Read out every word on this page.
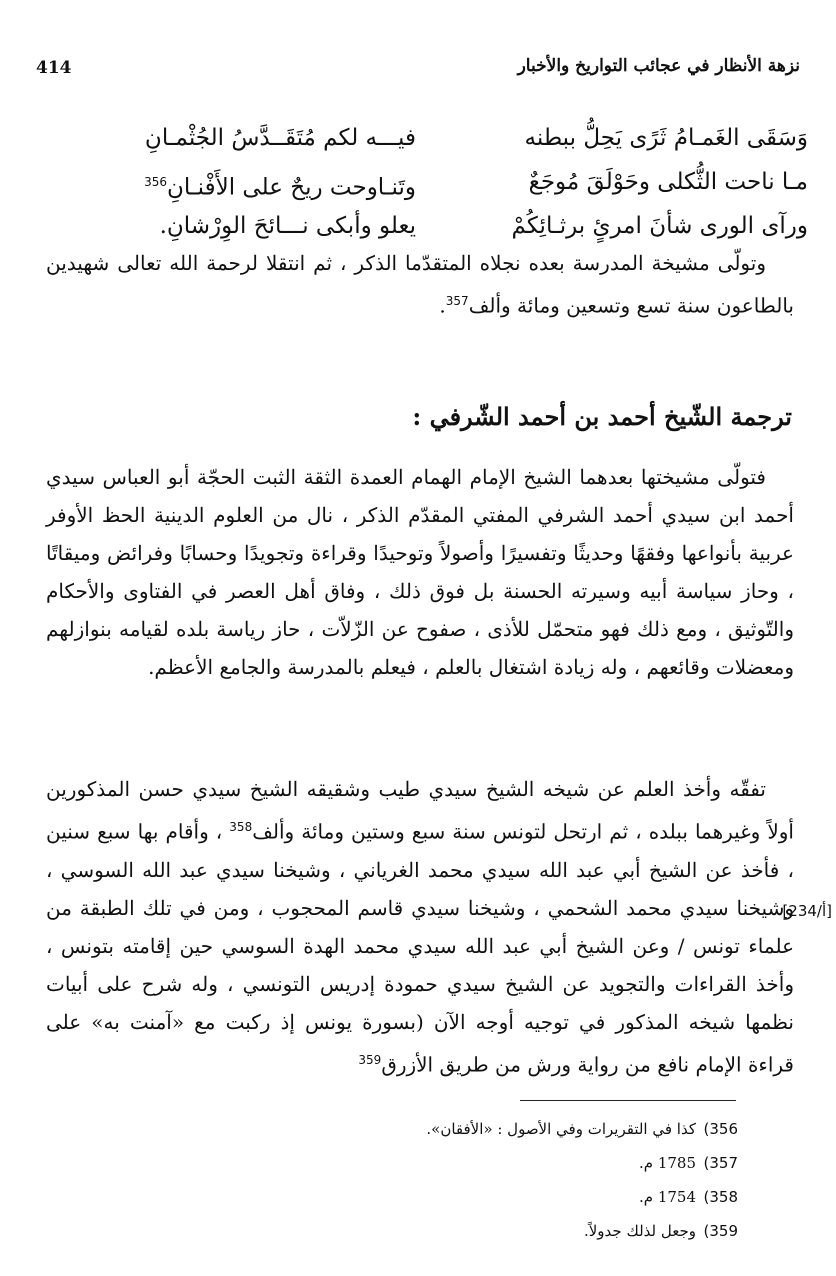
414	نزهة الأنظار في عجائب التواريخ والأخبار
وَسَقَى الغَمـامُ ثَرًى يَحِلُّ ببطنه
فيـــه لكم مُتَقَــدَّسُ الجُثْمـانِ
مـا ناحت الثُّكلى وحَوْلَقَ مُوجَعٌ
وتَنـاوحت ريحٌ على الأَفْنـانِ$^{356}$
ورآى الورى شأنَ امرئٍ برثـائِكُمْ
يعلو وأبكى نـــائحَ الوِرْشانِ.

وتولّى مشيخة المدرسة بعده نجلاه المتقدّما الذكر ، ثم انتقلا لرحمة الله تعالى شهيدين بالطاعون سنة تسع وتسعين ومائة وألف$^{357}$.

ترجمة الشّيخ أحمد بن أحمد الشّرفي :

فتولّى مشيختها بعدهما الشيخ الإمام الهمام العمدة الثقة الثبت الحجّة أبو العباس سيدي أحمد ابن سيدي أحمد الشرفي المفتي المقدّم الذكر ، نال من العلوم الدينية الحظ الأوفر عربية بأنواعها وفقهًا وحديثًا وتفسيرًا وأصولاً وتوحيدًا وقراءة وتجويدًا وحسابًا وفرائض وميقاتًا ، وحاز سياسة أبيه وسيرته الحسنة بل فوق ذلك ، وفاق أهل العصر في الفتاوى والأحكام والتّوثيق ، ومع ذلك فهو متحمّل للأذى ، صفوح عن الزّلاّت ، حاز رياسة بلده لقيامه بنوازلهم ومعضلات وقائعهم ، وله زيادة اشتغال بالعلم ، فيعلم بالمدرسة والجامع الأعظم.

تفقّه وأخذ العلم عن شيخه الشيخ سيدي طيب وشقيقه الشيخ سيدي حسن المذكورين أولاً وغيرهما ببلده ، ثم ارتحل لتونس سنة سبع وستين ومائة وألف$^{358}$ ، وأقام بها سبع سنين ، فأخذ عن الشيخ أبي عبد الله سيدي محمد الغرياني ، وشيخنا سيدي عبد الله السوسي ، وشيخنا سيدي محمد الشحمي ، وشيخنا سيدي قاسم المحجوب ، ومن في تلك الطبقة من علماء تونس / وعن الشيخ أبي عبد الله سيدي محمد الهدة السوسي حين إقامته بتونس ، وأخذ القراءات والتجويد عن الشيخ سيدي حمودة إدريس التونسي ، وله شرح على أبيات نظمها شيخه المذكور في توجيه أوجه الآن (بسورة يونس إذ ركبت مع «آمنت به» على قراءة الإمام نافع من رواية ورش من طريق الأزرق$^{359}$

[234/أ]
356)كذا في التقريرات وفي الأصول : «الأفقان».
357)1785 م.
358)1754 م.
359)وجعل لذلك جدولاً.
